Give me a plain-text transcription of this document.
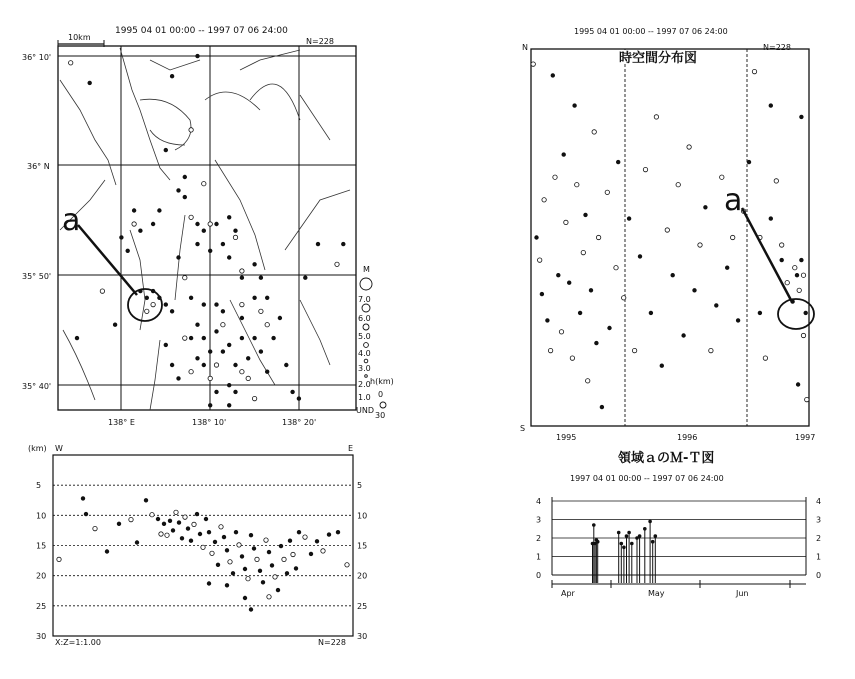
1995 04 01 00:00 -- 1997 07 06 24:00
N=228
10km
a
36° 10'
36° N
35° 50'
35° 40'
138° E	138° 10'	138° 20'
M
7.0
6.0
5.0
4.0
3.0
2.0
1.0
UND
h(km)
0
30
(km) W	E
5	5
10	10
15	15
20	20
25	25
30	30
X:Z=1:1.00	N=228
1995 04 01 00:00 -- 1997 07 06 24:00
N
S
時空間分布図
N=228
1995	1996	1997
a
領域ａのＭ-Ｔ図
1997 04 01 00:00 -- 1997 07 06 24:00
4	4
3	3
2	2
1	1
0	0
Apr	May	Jun
